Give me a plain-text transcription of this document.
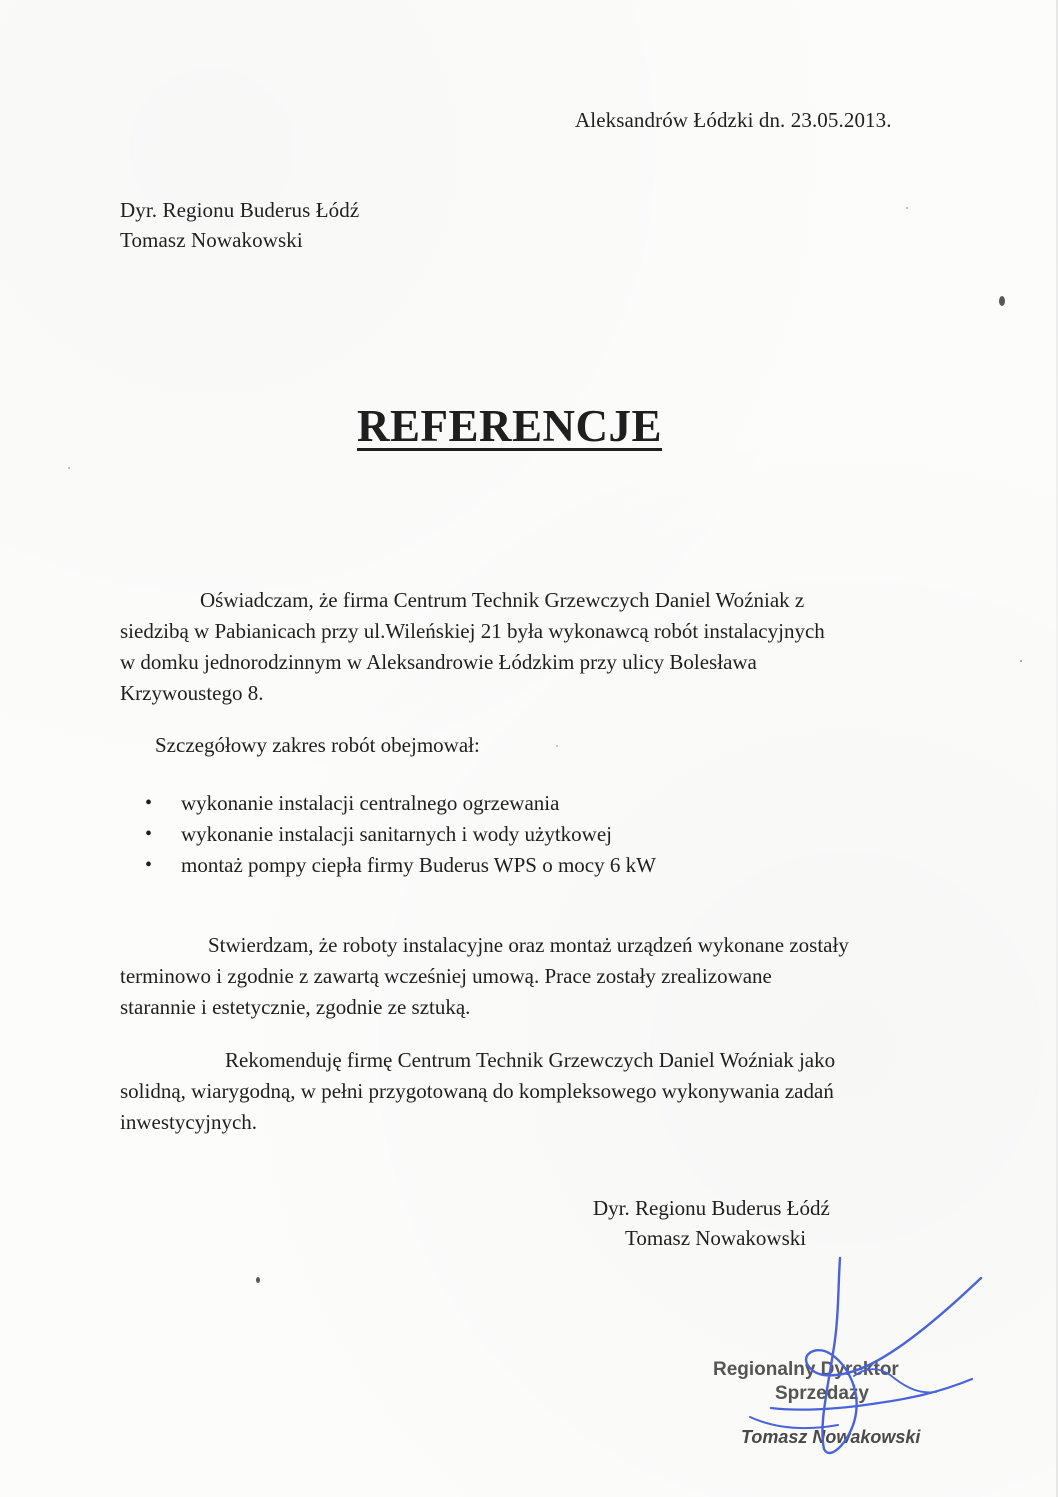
Aleksandrów Łódzki dn. 23.05.2013.
Dyr. Regionu Buderus Łódź
Tomasz Nowakowski
REFERENCJE
Oświadczam, że firma Centrum Technik Grzewczych Daniel Woźniak z
siedzibą w Pabianicach przy ul.Wileńskiej 21 była wykonawcą robót instalacyjnych
w domku jednorodzinnym w Aleksandrowie Łódzkim przy ulicy Bolesława
Krzywoustego 8.
Szczegółowy zakres robót obejmował:
•	wykonanie instalacji centralnego ogrzewania
•	wykonanie instalacji sanitarnych i wody użytkowej
•	montaż pompy ciepła firmy Buderus WPS o mocy 6 kW
Stwierdzam, że roboty instalacyjne oraz montaż urządzeń wykonane zostały
terminowo i zgodnie z zawartą wcześniej umową. Prace zostały zrealizowane
starannie i estetycznie, zgodnie ze sztuką.
Rekomenduję firmę Centrum Technik Grzewczych Daniel Woźniak jako
solidną, wiarygodną, w pełni przygotowaną do kompleksowego wykonywania zadań
inwestycyjnych.
Dyr. Regionu Buderus Łódź
Tomasz Nowakowski
Regionalny Dyrektor
Sprzedaży
Tomasz Nowakowski
